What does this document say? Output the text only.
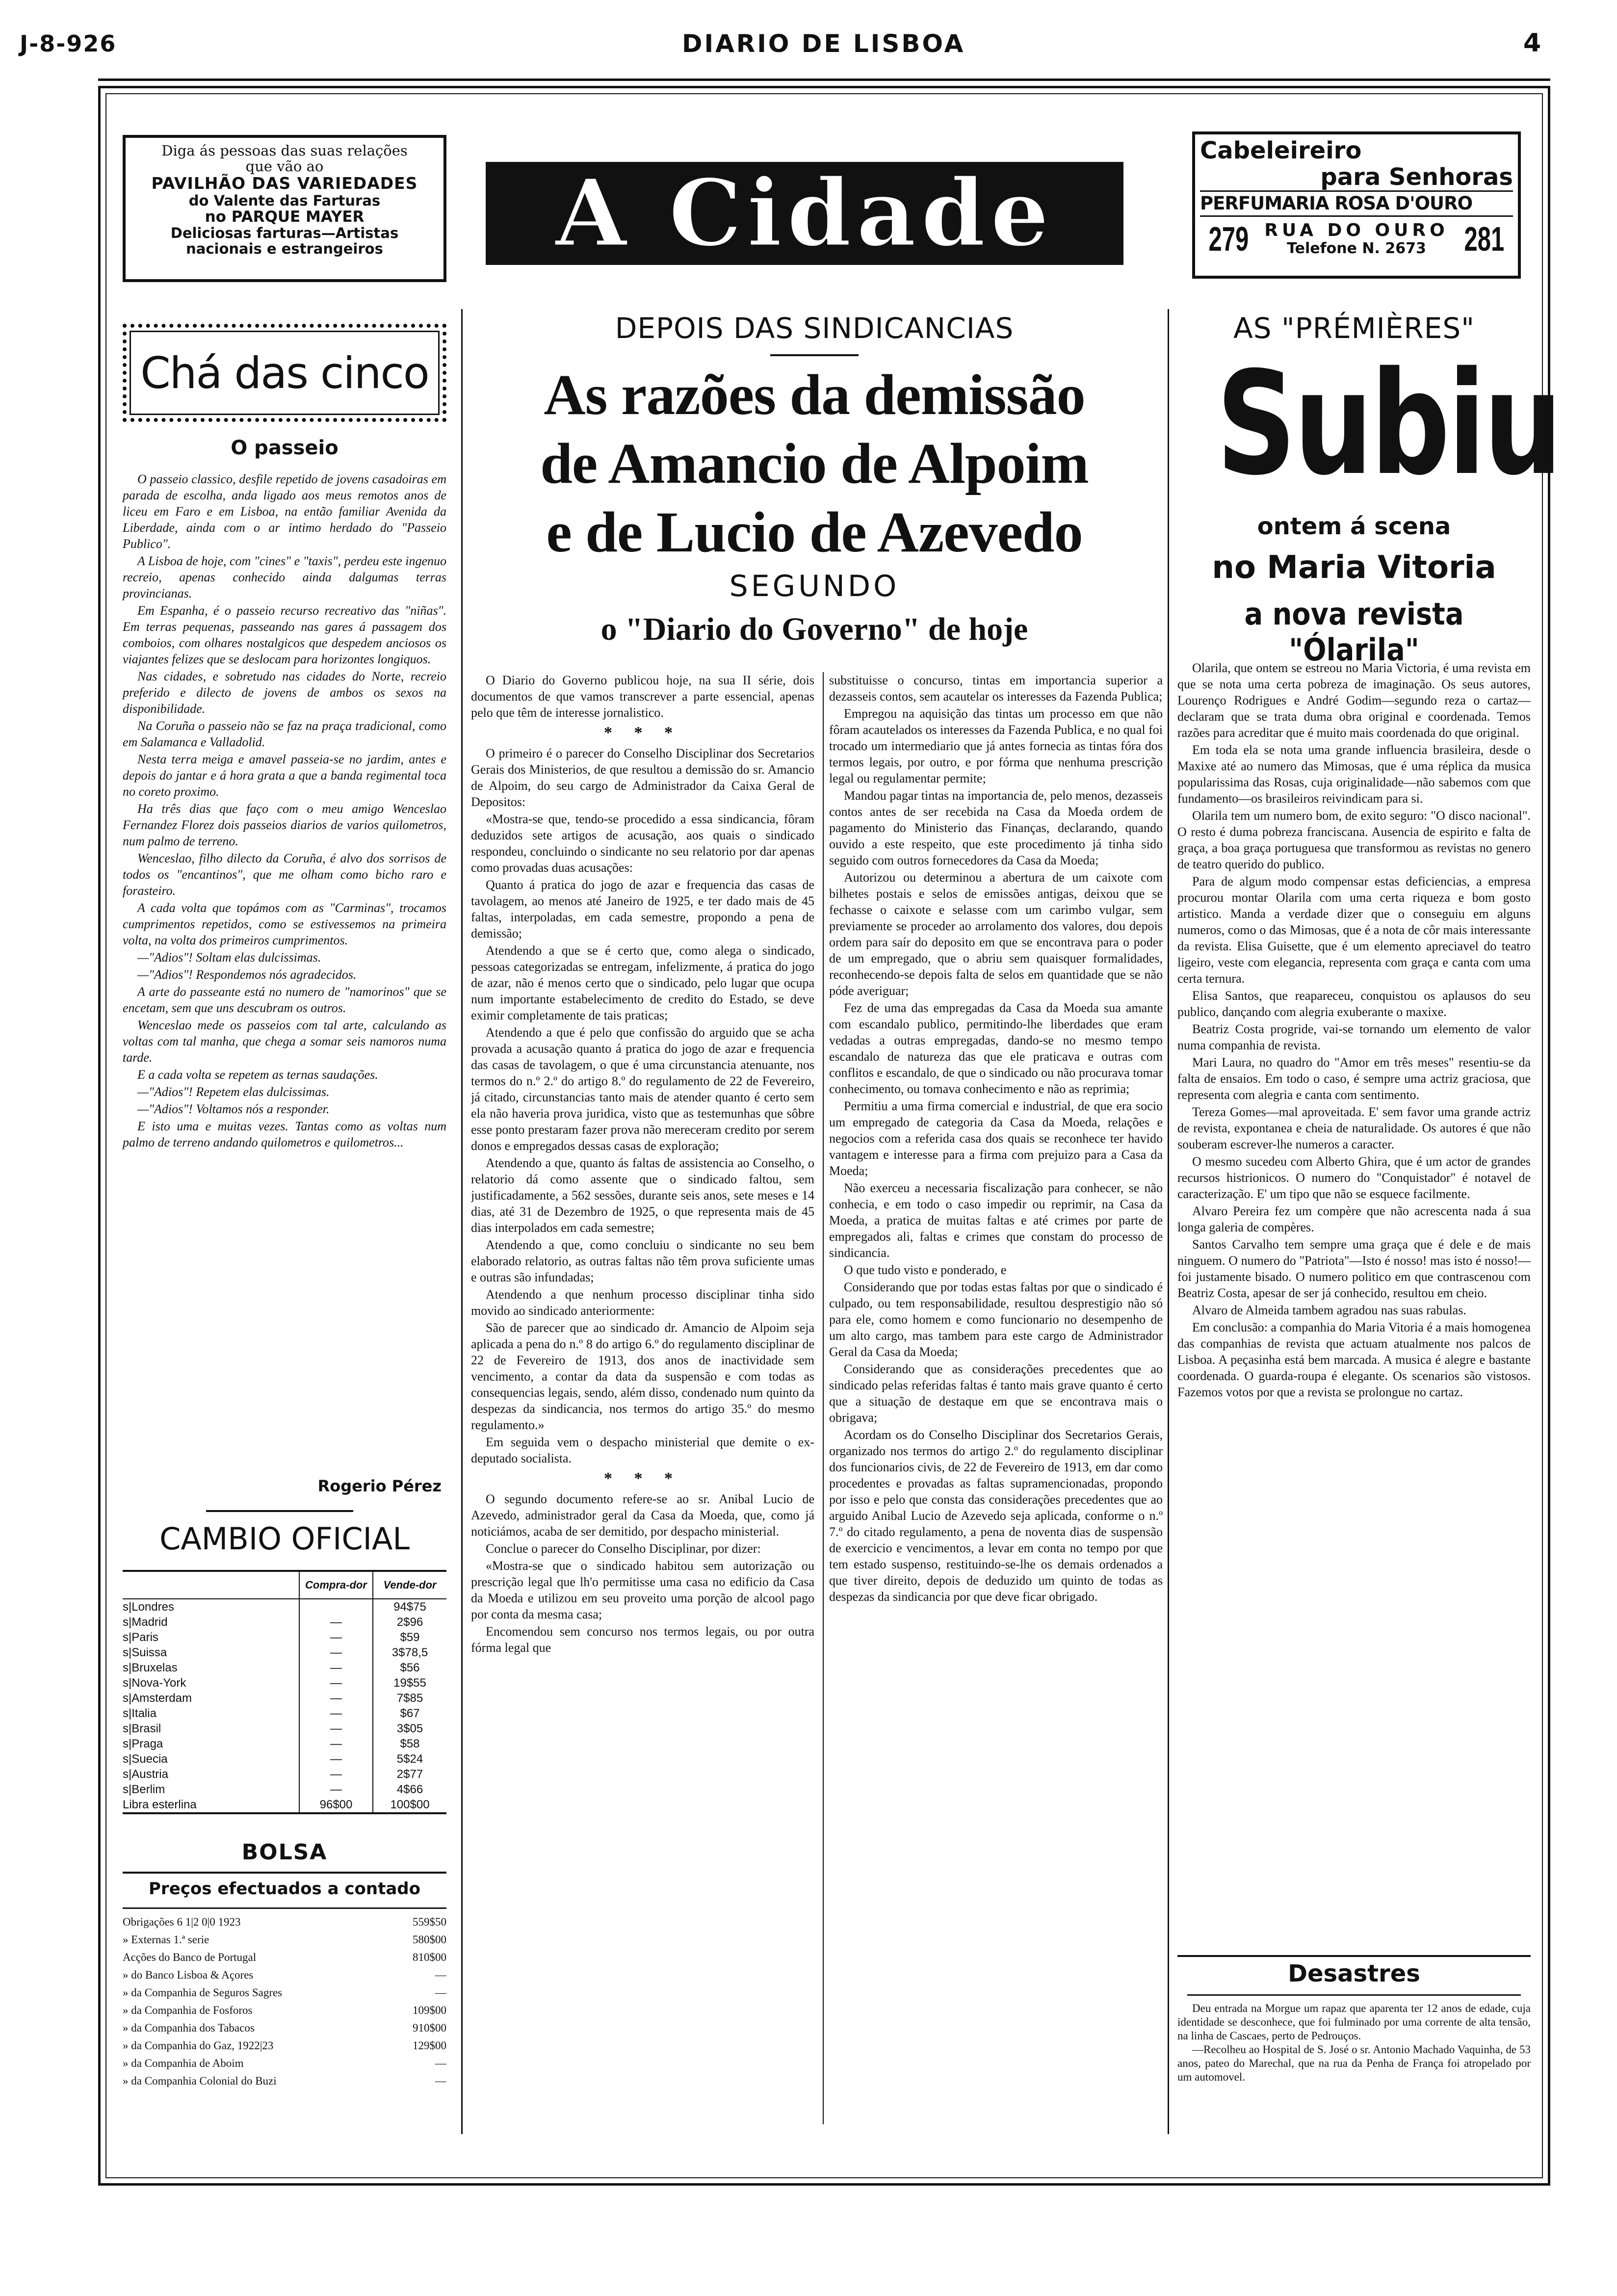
J-8-926	DIARIO DE LISBOA	4
Diga ás pessoas das suas relações
que vão ao
PAVILHÃO DAS VARIEDADES
do Valente das Farturas
no PARQUE MAYER
Deliciosas farturas—Artistas
nacionais e estrangeiros	A Cidade
Cabeleireiro
para Senhoras
PERFUMARIA ROSA D'OURO
279 RUA DO OURO
Telefone N. 2673	281
Chá das cinco
O passeio

O passeio classico, desfile repetido de jovens casadoiras em parada de escolha, anda ligado aos meus remotos anos de liceu em Faro e em Lisboa, na então familiar Avenida da Liberdade, ainda com o ar intimo herdado do "Passeio Publico".

A Lisboa de hoje, com "cines" e "taxis", perdeu este ingenuo recreio, apenas conhecido ainda dalgumas terras provincianas.

Em Espanha, é o passeio recurso recreativo das "niñas". Em terras pequenas, passeando nas gares á passagem dos comboios, com olhares nostalgicos que despedem anciosos os viajantes felizes que se deslocam para horizontes longiquos.

Nas cidades, e sobretudo nas cidades do Norte, recreio preferido e dilecto de jovens de ambos os sexos na disponibilidade.

Na Coruña o passeio não se faz na praça tradicional, como em Salamanca e Valladolid.

Nesta terra meiga e amavel passeia-se no jardim, antes e depois do jantar e á hora grata a que a banda regimental toca no coreto proximo.

Ha três dias que faço com o meu amigo Wenceslao Fernandez Florez dois passeios diarios de varios quilometros, num palmo de terreno.

Wenceslao, filho dilecto da Coruña, é alvo dos sorrisos de todos os "encantinos", que me olham como bicho raro e forasteiro.

A cada volta que topámos com as "Carminas", trocamos cumprimentos repetidos, como se estivessemos na primeira volta, na volta dos primeiros cumprimentos.

—"Adios"! Soltam elas dulcissimas.

—"Adios"! Respondemos nós agradecidos.

A arte do passeante está no numero de "namorinos" que se encetam, sem que uns descubram os outros.

Wenceslao mede os passeios com tal arte, calculando as voltas com tal manha, que chega a somar seis namoros numa tarde.

E a cada volta se repetem as ternas saudações.

—"Adios"! Repetem elas dulcissimas.

—"Adios"! Voltamos nós a responder.

E isto uma e muitas vezes. Tantas como as voltas num palmo de terreno andando quilometros e quilometros...

Rogerio Pérez
CAMBIO OFICIAL
	Compra-dor	Vende-dor
s|Londres		94$75
s|Madrid	—	2$96
s|Paris	—	$59
s|Suissa	—	3$78,5
s|Bruxelas	—	$56
s|Nova-York	—	19$55
s|Amsterdam	—	7$85
s|Italia	—	$67
s|Brasil	—	3$05
s|Praga	—	$58
s|Suecia	—	5$24
s|Austria	—	2$77
s|Berlim	—	4$66
Libra esterlina	96$00	100$00
BOLSA
Preços efectuados a contado
Obrigações 6 1|2 0|0 1923	559$50
» Externas 1.ª serie	580$00
Acções do Banco de Portugal	810$00
» do Banco Lisboa & Açores	—
» da Companhia de Seguros Sagres	—
» da Companhia de Fosforos	109$00
» da Companhia dos Tabacos	910$00
» da Companhia do Gaz, 1922|23	129$00
» da Companhia de Aboim	—
» da Companhia Colonial do Buzi	—
DEPOIS DAS SINDICANCIAS
As razões da demissão
de Amancio de Alpoim
e de Lucio de Azevedo
SEGUNDO
o "Diario do Governo" de hoje

O Diario do Governo publicou hoje, na sua II série, dois documentos de que vamos transcrever a parte essencial, apenas pelo que têm de interesse jornalistico.

* * *

O primeiro é o parecer do Conselho Disciplinar dos Secretarios Gerais dos Ministerios, de que resultou a demissão do sr. Amancio de Alpoim, do seu cargo de Administrador da Caixa Geral de Depositos:

«Mostra-se que, tendo-se procedido a essa sindicancia, fôram deduzidos sete artigos de acusação, aos quais o sindicado respondeu, concluindo o sindicante no seu relatorio por dar apenas como provadas duas acusações:

Quanto á pratica do jogo de azar e frequencia das casas de tavolagem, ao menos até Janeiro de 1925, e ter dado mais de 45 faltas, interpoladas, em cada semestre, propondo a pena de demissão;

Atendendo a que se é certo que, como alega o sindicado, pessoas categorizadas se entregam, infelizmente, á pratica do jogo de azar, não é menos certo que o sindicado, pelo lugar que ocupa num importante estabelecimento de credito do Estado, se deve eximir completamente de tais praticas;

Atendendo a que é pelo que confissão do arguido que se acha provada a acusação quanto á pratica do jogo de azar e frequencia das casas de tavolagem, o que é uma circunstancia atenuante, nos termos do n.º 2.º do artigo 8.º do regulamento de 22 de Fevereiro, já citado, circunstancias tanto mais de atender quanto é certo sem ela não haveria prova juridica, visto que as testemunhas que sôbre esse ponto prestaram fazer prova não mereceram credito por serem donos e empregados dessas casas de exploração;

Atendendo a que, quanto ás faltas de assistencia ao Conselho, o relatorio dá como assente que o sindicado faltou, sem justificadamente, a 562 sessões, durante seis anos, sete meses e 14 dias, até 31 de Dezembro de 1925, o que representa mais de 45 dias interpolados em cada semestre;

Atendendo a que, como concluiu o sindicante no seu bem elaborado relatorio, as outras faltas não têm prova suficiente umas e outras são infundadas;

Atendendo a que nenhum processo disciplinar tinha sido movido ao sindicado anteriormente:

São de parecer que ao sindicado dr. Amancio de Alpoim seja aplicada a pena do n.º 8 do artigo 6.º do regulamento disciplinar de 22 de Fevereiro de 1913, dos anos de inactividade sem vencimento, a contar da data da suspensão e com todas as consequencias legais, sendo, além disso, condenado num quinto da despezas da sindicancia, nos termos do artigo 35.º do mesmo regulamento.»

Em seguida vem o despacho ministerial que demite o ex-deputado socialista.

* * *

O segundo documento refere-se ao sr. Anibal Lucio de Azevedo, administrador geral da Casa da Moeda, que, como já noticiámos, acaba de ser demitido, por despacho ministerial.

Conclue o parecer do Conselho Disciplinar, por dizer:

«Mostra-se que o sindicado habitou sem autorização ou prescrição legal que lh'o permitisse uma casa no edificio da Casa da Moeda e utilizou em seu proveito uma porção de alcool pago por conta da mesma casa;

Encomendou sem concurso nos termos legais, ou por outra fórma legal que

substituisse o concurso, tintas em importancia superior a dezasseis contos, sem acautelar os interesses da Fazenda Publica;

Empregou na aquisição das tintas um processo em que não fôram acautelados os interesses da Fazenda Publica, e no qual foi trocado um intermediario que já antes fornecia as tintas fóra dos termos legais, por outro, e por fórma que nenhuma prescrição legal ou regulamentar permite;

Mandou pagar tintas na importancia de, pelo menos, dezasseis contos antes de ser recebida na Casa da Moeda ordem de pagamento do Ministerio das Finanças, declarando, quando ouvido a este respeito, que este procedimento já tinha sido seguido com outros fornecedores da Casa da Moeda;

Autorizou ou determinou a abertura de um caixote com bilhetes postais e selos de emissões antigas, deixou que se fechasse o caixote e selasse com um carimbo vulgar, sem previamente se proceder ao arrolamento dos valores, dou depois ordem para saír do deposito em que se encontrava para o poder de um empregado, que o abriu sem quaisquer formalidades, reconhecendo-se depois falta de selos em quantidade que se não póde averiguar;

Fez de uma das empregadas da Casa da Moeda sua amante com escandalo publico, permitindo-lhe liberdades que eram vedadas a outras empregadas, dando-se no mesmo tempo escandalo de natureza das que ele praticava e outras com conflitos e escandalo, de que o sindicado ou não procurava tomar conhecimento, ou tomava conhecimento e não as reprimia;

Permitiu a uma firma comercial e industrial, de que era socio um empregado de categoria da Casa da Moeda, relações e negocios com a referida casa dos quais se reconhece ter havido vantagem e interesse para a firma com prejuizo para a Casa da Moeda;

Não exerceu a necessaria fiscalização para conhecer, se não conhecia, e em todo o caso impedir ou reprimir, na Casa da Moeda, a pratica de muitas faltas e até crimes por parte de empregados ali, faltas e crimes que constam do processo de sindicancia.

O que tudo visto e ponderado, e

Considerando que por todas estas faltas por que o sindicado é culpado, ou tem responsabilidade, resultou desprestigio não só para ele, como homem e como funcionario no desempenho de um alto cargo, mas tambem para este cargo de Administrador Geral da Casa da Moeda;

Considerando que as considerações precedentes que ao sindicado pelas referidas faltas é tanto mais grave quanto é certo que a situação de destaque em que se encontrava mais o obrigava;

Acordam os do Conselho Disciplinar dos Secretarios Gerais, organizado nos termos do artigo 2.º do regulamento disciplinar dos funcionarios civis, de 22 de Fevereiro de 1913, em dar como procedentes e provadas as faltas supramencionadas, propondo por isso e pelo que consta das considerações precedentes que ao arguido Anibal Lucio de Azevedo seja aplicada, conforme o n.º 7.º do citado regulamento, a pena de noventa dias de suspensão de exercicio e vencimentos, a levar em conta no tempo por que tem estado suspenso, restituindo-se-lhe os demais ordenados a que tiver direito, depois de deduzido um quinto de todas as despezas da sindicancia por que deve ficar obrigado.

AS "PRÉMIÈRES"
Subiu
ontem á scena
no Maria Vitoria
a nova revista "Ólarila"

Olarila, que ontem se estreou no Maria Victoria, é uma revista em que se nota uma certa pobreza de imaginação. Os seus autores, Lourenço Rodrigues e André Godim—segundo reza o cartaz—declaram que se trata duma obra original e coordenada. Temos razões para acreditar que é muito mais coordenada do que original.

Em toda ela se nota uma grande influencia brasileira, desde o Maxixe até ao numero das Mimosas, que é uma réplica da musica popularissima das Rosas, cuja originalidade—não sabemos com que fundamento—os brasileiros reivindicam para si.

Olarila tem um numero bom, de exito seguro: "O disco nacional". O resto é duma pobreza franciscana. Ausencia de espirito e falta de graça, a boa graça portuguesa que transformou as revistas no genero de teatro querido do publico.

Para de algum modo compensar estas deficiencias, a empresa procurou montar Olarila com uma certa riqueza e bom gosto artistico. Manda a verdade dizer que o conseguiu em alguns numeros, como o das Mimosas, que é a nota de côr mais interessante da revista. Elisa Guisette, que é um elemento apreciavel do teatro ligeiro, veste com elegancia, representa com graça e canta com uma certa ternura.

Elisa Santos, que reapareceu, conquistou os aplausos do seu publico, dançando com alegria exuberante o maxixe.

Beatriz Costa progride, vai-se tornando um elemento de valor numa companhia de revista.

Mari Laura, no quadro do "Amor em três meses" resentiu-se da falta de ensaios. Em todo o caso, é sempre uma actriz graciosa, que representa com alegria e canta com sentimento.

Tereza Gomes—mal aproveitada. E' sem favor uma grande actriz de revista, expontanea e cheia de naturalidade. Os autores é que não souberam escrever-lhe numeros a caracter.

O mesmo sucedeu com Alberto Ghira, que é um actor de grandes recursos histrionicos. O numero do "Conquistador" é notavel de caracterização. E' um tipo que não se esquece facilmente.

Alvaro Pereira fez um compère que não acrescenta nada á sua longa galeria de compères.

Santos Carvalho tem sempre uma graça que é dele e de mais ninguem. O numero do "Patriota"—Isto é nosso! mas isto é nosso!—foi justamente bisado. O numero politico em que contrascenou com Beatriz Costa, apesar de ser já conhecido, resultou em cheio.

Alvaro de Almeida tambem agradou nas suas rabulas.

Em conclusão: a companhia do Maria Vitoria é a mais homogenea das companhias de revista que actuam atualmente nos palcos de Lisboa. A peçasinha está bem marcada. A musica é alegre e bastante coordenada. O guarda-roupa é elegante. Os scenarios são vistosos. Fazemos votos por que a revista se prolongue no cartaz.

Desastres

Deu entrada na Morgue um rapaz que aparenta ter 12 anos de edade, cuja identidade se desconhece, que foi fulminado por uma corrente de alta tensão, na linha de Cascaes, perto de Pedrouços.

—Recolheu ao Hospital de S. José o sr. Antonio Machado Vaquinha, de 53 anos, pateo do Marechal, que na rua da Penha de França foi atropelado por um automovel.
